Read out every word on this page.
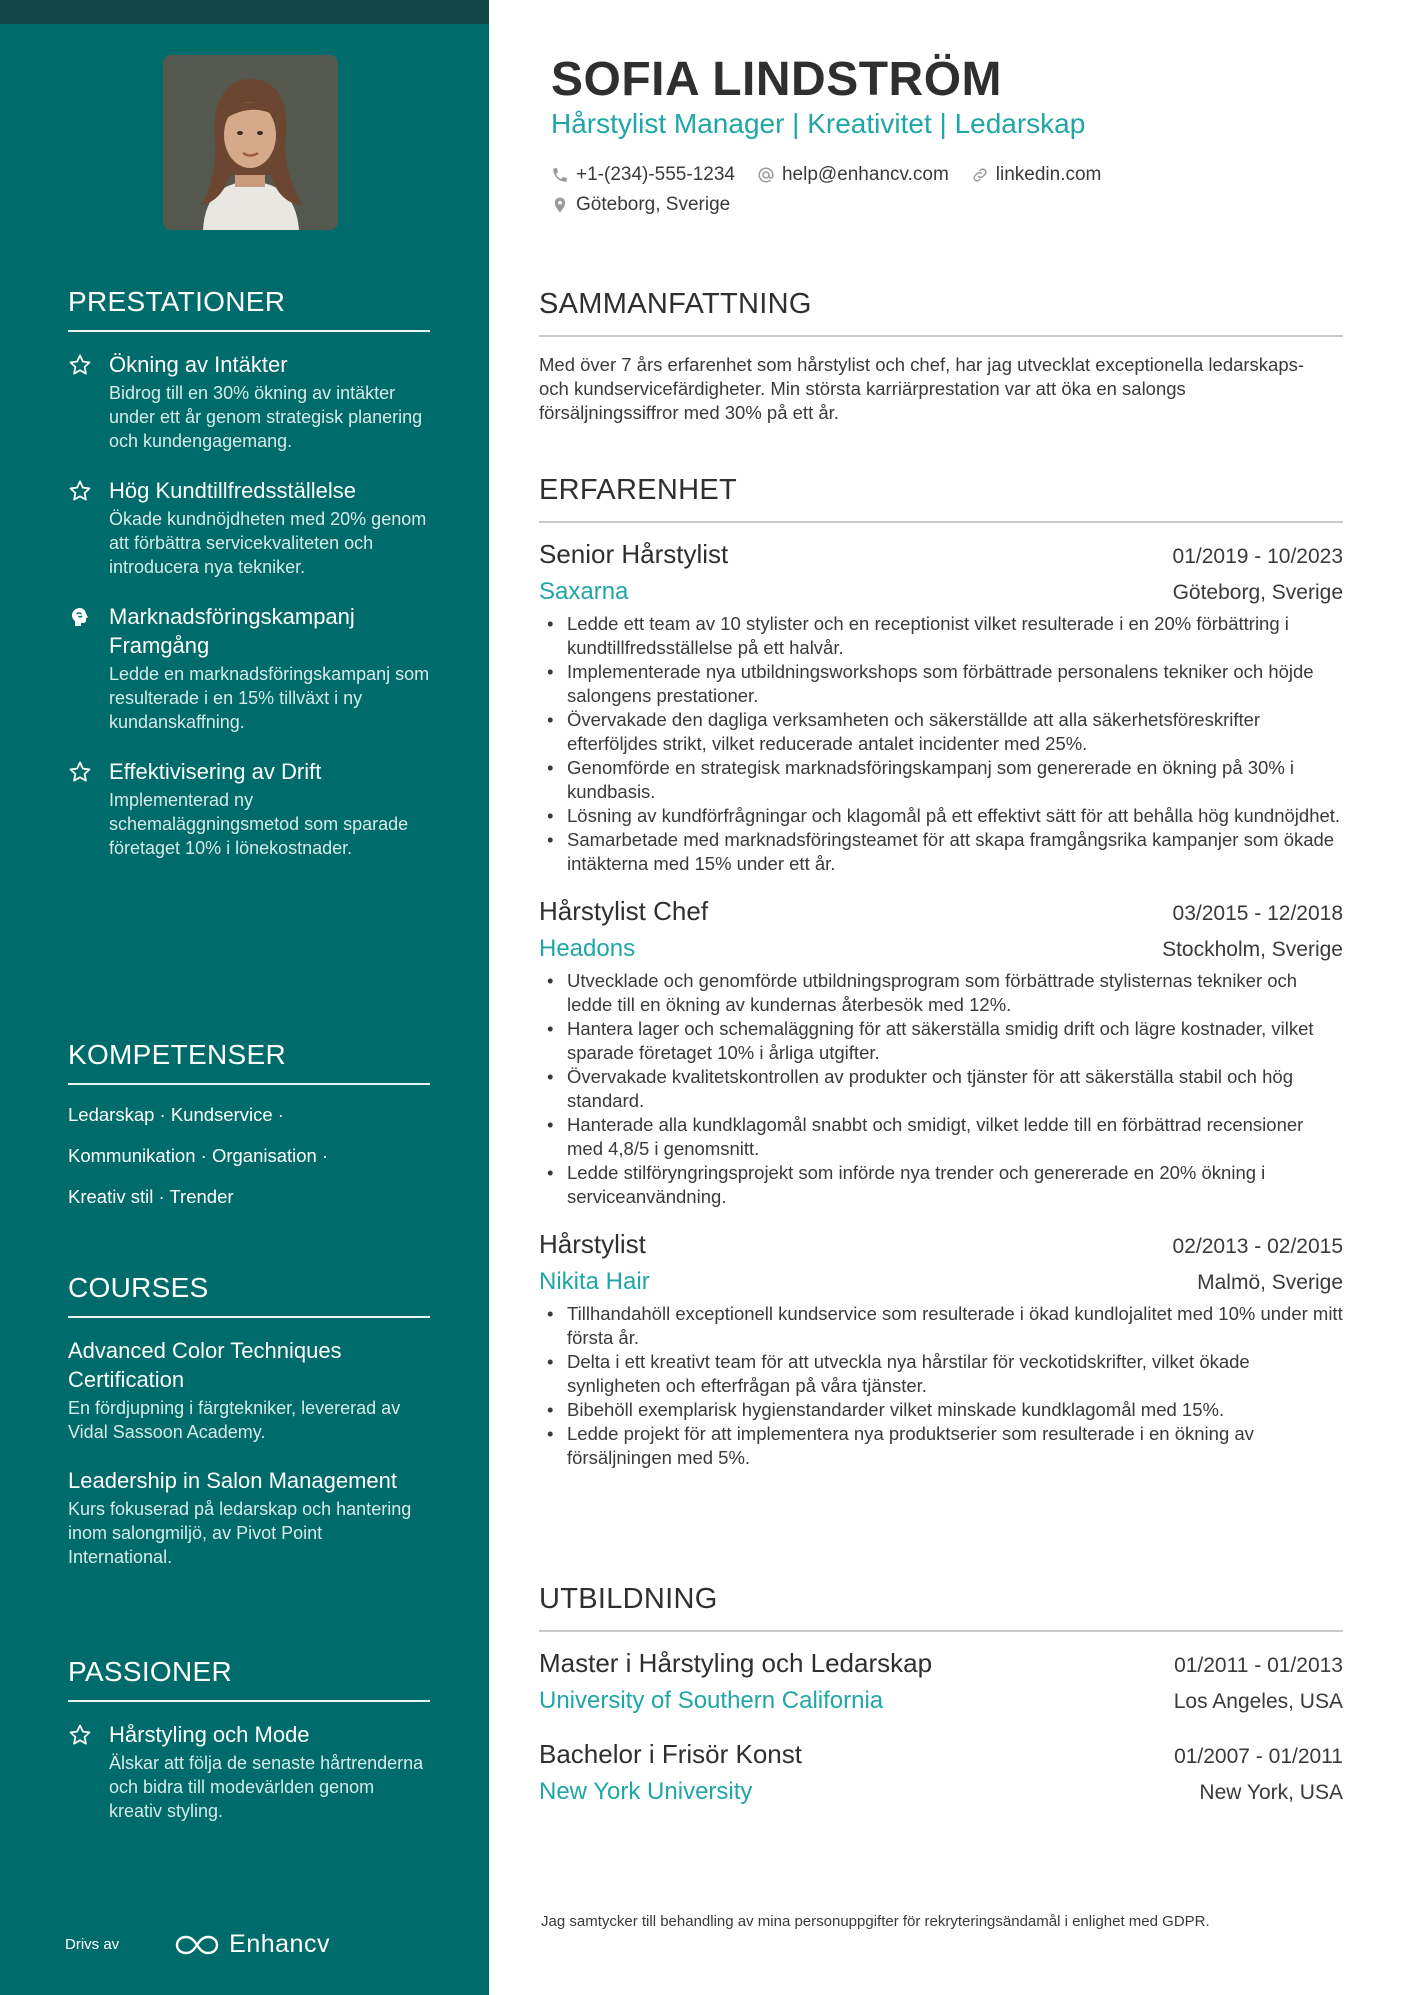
PRESTATIONER
Ökning av Intäkter
Bidrog till en 30% ökning av intäkter under ett år genom strategisk planering och kundengagemang.
Hög Kundtillfredsställelse
Ökade kundnöjdheten med 20% genom att förbättra servicekvaliteten och introducera nya tekniker.
Marknadsföringskampanj Framgång
Ledde en marknadsföringskampanj som resulterade i en 15% tillväxt i ny kundanskaffning.
Effektivisering av Drift
Implementerad ny schemaläggningsmetod som sparade företaget 10% i lönekostnader.
KOMPETENSER
Ledarskap · Kundservice ·
Kommunikation · Organisation ·
Kreativ stil · Trender
COURSES
Advanced Color Techniques Certification
En fördjupning i färgtekniker, levererad av Vidal Sassoon Academy.
Leadership in Salon Management
Kurs fokuserad på ledarskap och hantering inom salongmiljö, av Pivot Point International.
PASSIONER
Hårstyling och Mode
Älskar att följa de senaste hårtrenderna och bidra till modevärlden genom kreativ styling.
Drivs av	Enhancv
SOFIA LINDSTRÖM
Hårstylist Manager | Kreativitet | Ledarskap
+1-(234)-555-1234 help@enhancv.com linkedin.com
Göteborg, Sverige
SAMMANFATTNING

Med över 7 års erfarenhet som hårstylist och chef, har jag utvecklat exceptionella ledarskaps- och kundservicefärdigheter. Min största karriärprestation var att öka en salongs försäljningssiffror med 30% på ett år.

ERFARENHET
Senior Hårstylist	01/2019 - 10/2023
Saxarna	Göteborg, Sverige
• Ledde ett team av 10 stylister och en receptionist vilket resulterade i en 20% förbättring i kundtillfredsställelse på ett halvår.
• Implementerade nya utbildningsworkshops som förbättrade personalens tekniker och höjde salongens prestationer.
• Övervakade den dagliga verksamheten och säkerställde att alla säkerhetsföreskrifter efterföljdes strikt, vilket reducerade antalet incidenter med 25%.
• Genomförde en strategisk marknadsföringskampanj som genererade en ökning på 30% i kundbasis.
• Lösning av kundförfrågningar och klagomål på ett effektivt sätt för att behålla hög kundnöjdhet.
• Samarbetade med marknadsföringsteamet för att skapa framgångsrika kampanjer som ökade intäkterna med 15% under ett år.
Hårstylist Chef	03/2015 - 12/2018
Headons	Stockholm, Sverige
• Utvecklade och genomförde utbildningsprogram som förbättrade stylisternas tekniker och ledde till en ökning av kundernas återbesök med 12%.
• Hantera lager och schemaläggning för att säkerställa smidig drift och lägre kostnader, vilket sparade företaget 10% i årliga utgifter.
• Övervakade kvalitetskontrollen av produkter och tjänster för att säkerställa stabil och hög standard.
• Hanterade alla kundklagomål snabbt och smidigt, vilket ledde till en förbättrad recensioner med 4,8/5 i genomsnitt.
• Ledde stilföryngringsprojekt som införde nya trender och genererade en 20% ökning i serviceanvändning.
Hårstylist	02/2013 - 02/2015
Nikita Hair	Malmö, Sverige
• Tillhandahöll exceptionell kundservice som resulterade i ökad kundlojalitet med 10% under mitt första år.
• Delta i ett kreativt team för att utveckla nya hårstilar för veckotidskrifter, vilket ökade synligheten och efterfrågan på våra tjänster.
• Bibehöll exemplarisk hygienstandarder vilket minskade kundklagomål med 15%.
• Ledde projekt för att implementera nya produktserier som resulterade i en ökning av försäljningen med 5%.
UTBILDNING
Master i Hårstyling och Ledarskap	01/2011 - 01/2013
University of Southern California	Los Angeles, USA
Bachelor i Frisör Konst	01/2007 - 01/2011
New York University	New York, USA
Jag samtycker till behandling av mina personuppgifter för rekryteringsändamål i enlighet med GDPR.
